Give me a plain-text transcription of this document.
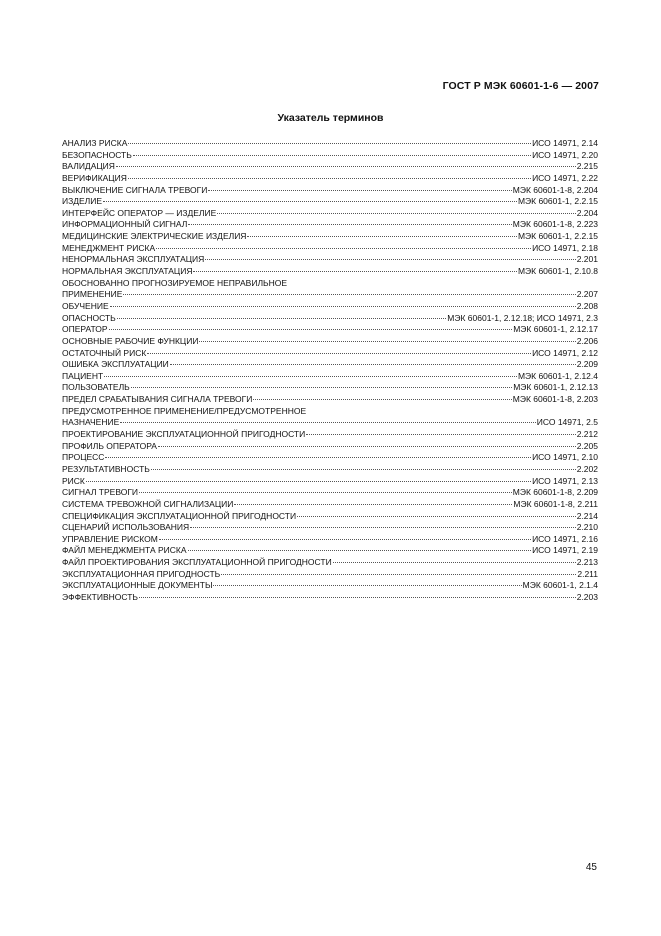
ГОСТ Р МЭК 60601-1-6 — 2007
Указатель терминов
АНАЛИЗ РИСКА	ИСО 14971, 2.14
БЕЗОПАСНОСТЬ	ИСО 14971, 2.20
ВАЛИДАЦИЯ	2.215
ВЕРИФИКАЦИЯ	ИСО 14971, 2.22
ВЫКЛЮЧЕНИЕ СИГНАЛА ТРЕВОГИ	МЭК 60601-1-8, 2.204
ИЗДЕЛИЕ	МЭК 60601-1, 2.2.15
ИНТЕРФЕЙС ОПЕРАТОР — ИЗДЕЛИЕ	2.204
ИНФОРМАЦИОННЫЙ СИГНАЛ	МЭК 60601-1-8, 2.223
МЕДИЦИНСКИЕ ЭЛЕКТРИЧЕСКИЕ ИЗДЕЛИЯ	МЭК 60601-1, 2.2.15
МЕНЕДЖМЕНТ РИСКА	ИСО 14971, 2.18
НЕНОРМАЛЬНАЯ ЭКСПЛУАТАЦИЯ	2.201
НОРМАЛЬНАЯ ЭКСПЛУАТАЦИЯ	МЭК 60601-1, 2.10.8
ОБОСНОВАННО ПРОГНОЗИРУЕМОЕ НЕПРАВИЛЬНОЕ
ПРИМЕНЕНИЕ	2.207
ОБУЧЕНИЕ	2.208
ОПАСНОСТЬ	МЭК 60601-1, 2.12.18; ИСО 14971, 2.3
ОПЕРАТОР	МЭК 60601-1, 2.12.17
ОСНОВНЫЕ РАБОЧИЕ ФУНКЦИИ	2.206
ОСТАТОЧНЫЙ РИСК	ИСО 14971, 2.12
ОШИБКА ЭКСПЛУАТАЦИИ	2.209
ПАЦИЕНТ	МЭК 60601-1, 2.12.4
ПОЛЬЗОВАТЕЛЬ	МЭК 60601-1, 2.12.13
ПРЕДЕЛ СРАБАТЫВАНИЯ СИГНАЛА ТРЕВОГИ	МЭК 60601-1-8, 2.203
ПРЕДУСМОТРЕННОЕ ПРИМЕНЕНИЕ/ПРЕДУСМОТРЕННОЕ
НАЗНАЧЕНИЕ	ИСО 14971, 2.5
ПРОЕКТИРОВАНИЕ ЭКСПЛУАТАЦИОННОЙ ПРИГОДНОСТИ	2.212
ПРОФИЛЬ ОПЕРАТОРА	2.205
ПРОЦЕСС	ИСО 14971, 2.10
РЕЗУЛЬТАТИВНОСТЬ	2.202
РИСК	ИСО 14971, 2.13
СИГНАЛ ТРЕВОГИ	МЭК 60601-1-8, 2.209
СИСТЕМА ТРЕВОЖНОЙ СИГНАЛИЗАЦИИ	МЭК 60601-1-8, 2.211
СПЕЦИФИКАЦИЯ ЭКСПЛУАТАЦИОННОЙ ПРИГОДНОСТИ	2.214
СЦЕНАРИЙ ИСПОЛЬЗОВАНИЯ	2.210
УПРАВЛЕНИЕ РИСКОМ	ИСО 14971, 2.16
ФАЙЛ МЕНЕДЖМЕНТА РИСКА	ИСО 14971, 2.19
ФАЙЛ ПРОЕКТИРОВАНИЯ ЭКСПЛУАТАЦИОННОЙ ПРИГОДНОСТИ	2.213
ЭКСПЛУАТАЦИОННАЯ ПРИГОДНОСТЬ	2.211
ЭКСПЛУАТАЦИОННЫЕ ДОКУМЕНТЫ	МЭК 60601-1, 2.1.4
ЭФФЕКТИВНОСТЬ	2.203
45
